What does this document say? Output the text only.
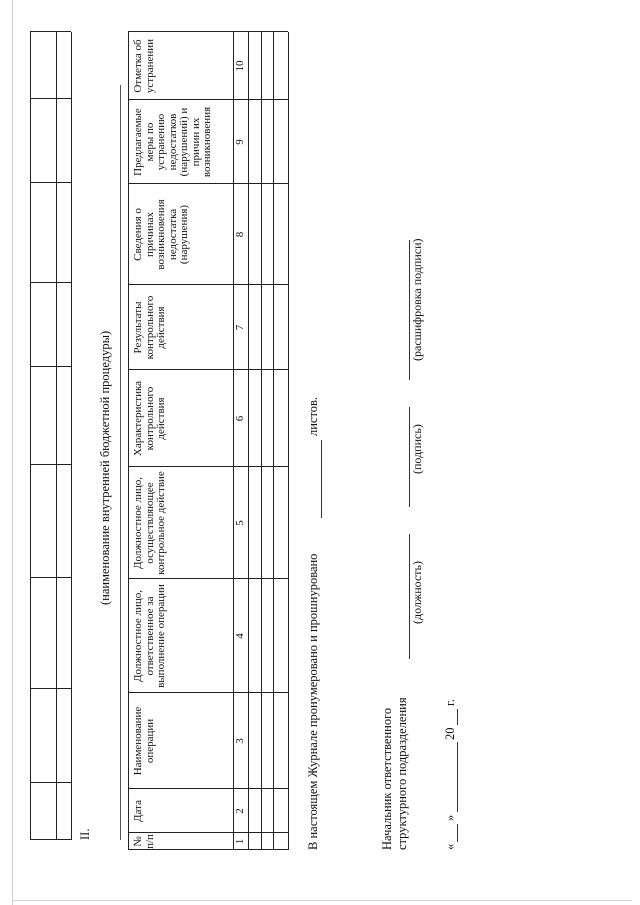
II.
(наименование внутренней бюджетной процедуры)
№ п/п
Дата
Наименование операции
Должностное лицо, ответственное за выполнение операции
Должностное лицо, осуществляющее контрольное действие
Характеристика контрольного действия
Результаты контрольного действия
Сведения о причинах возникновения недостатка (нарушения)
Предлагаемые меры по устранению недостатков (нарушений) и причин их возникновения
Отметка об устранении
1
2
3
4
5
6
7
8
9
10
В настоящем Журнале пронумеровано и прошнуровано
листов.
Начальник ответственного структурного подразделения
(должность)
(подпись)
(расшифровка подписи)
«
»
20
г.
